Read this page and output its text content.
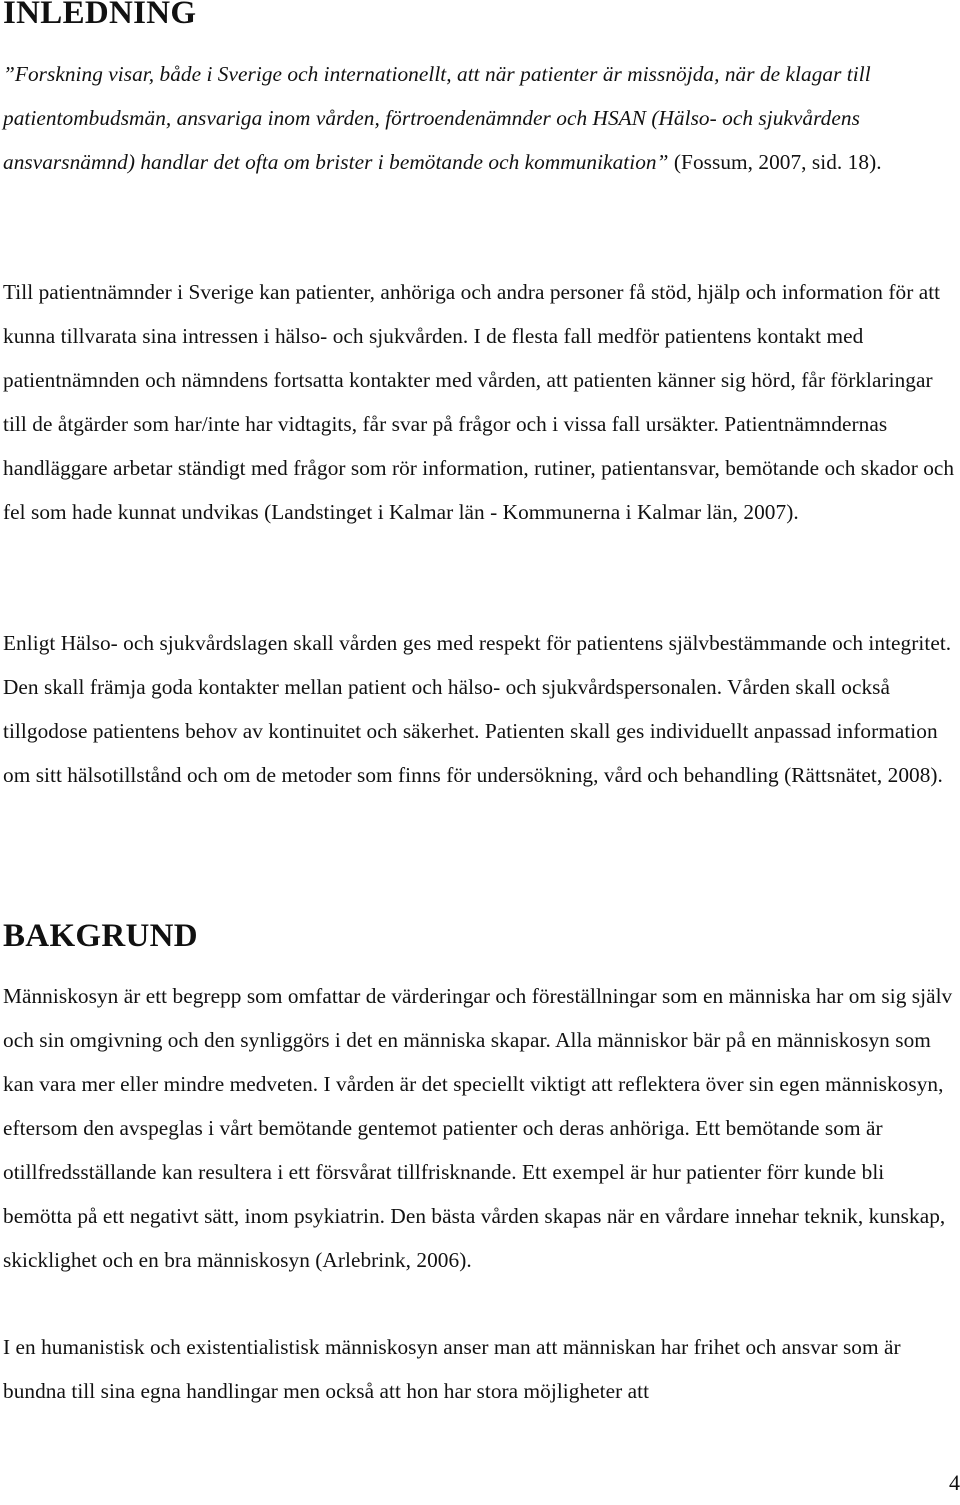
INLEDNING

”Forskning visar, både i Sverige och internationellt, att när patienter är missnöjda, när de klagar till patientombudsmän, ansvariga inom vården, förtroendenämnder och HSAN (Hälso- och sjukvårdens ansvarsnämnd) handlar det ofta om brister i bemötande och kommunikation” (Fossum, 2007, sid. 18).

Till patientnämnder i Sverige kan patienter, anhöriga och andra personer få stöd, hjälp och information för att kunna tillvarata sina intressen i hälso- och sjukvården. I de flesta fall medför patientens kontakt med patientnämnden och nämndens fortsatta kontakter med vården, att patienten känner sig hörd, får förklaringar till de åtgärder som har/inte har vidtagits, får svar på frågor och i vissa fall ursäkter. Patientnämndernas handläggare arbetar ständigt med frågor som rör information, rutiner, patientansvar, bemötande och skador och fel som hade kunnat undvikas (Landstinget i Kalmar län - Kommunerna i Kalmar län, 2007).

Enligt Hälso- och sjukvårdslagen skall vården ges med respekt för patientens självbestämmande och integritet. Den skall främja goda kontakter mellan patient och hälso- och sjukvårdspersonalen. Vården skall också tillgodose patientens behov av kontinuitet och säkerhet. Patienten skall ges individuellt anpassad information om sitt hälsotillstånd och om de metoder som finns för undersökning, vård och behandling (Rättsnätet, 2008).

BAKGRUND

Människosyn är ett begrepp som omfattar de värderingar och föreställningar som en människa har om sig själv och sin omgivning och den synliggörs i det en människa skapar. Alla människor bär på en människosyn som kan vara mer eller mindre medveten. I vården är det speciellt viktigt att reflektera över sin egen människosyn, eftersom den avspeglas i vårt bemötande gentemot patienter och deras anhöriga. Ett bemötande som är otillfredsställande kan resultera i ett försvårat tillfrisknande. Ett exempel är hur patienter förr kunde bli bemötta på ett negativt sätt, inom psykiatrin. Den bästa vården skapas när en vårdare innehar teknik, kunskap, skicklighet och en bra människosyn (Arlebrink, 2006).

I en humanistisk och existentialistisk människosyn anser man att människan har frihet och ansvar som är bundna till sina egna handlingar men också att hon har stora möjligheter att

4
